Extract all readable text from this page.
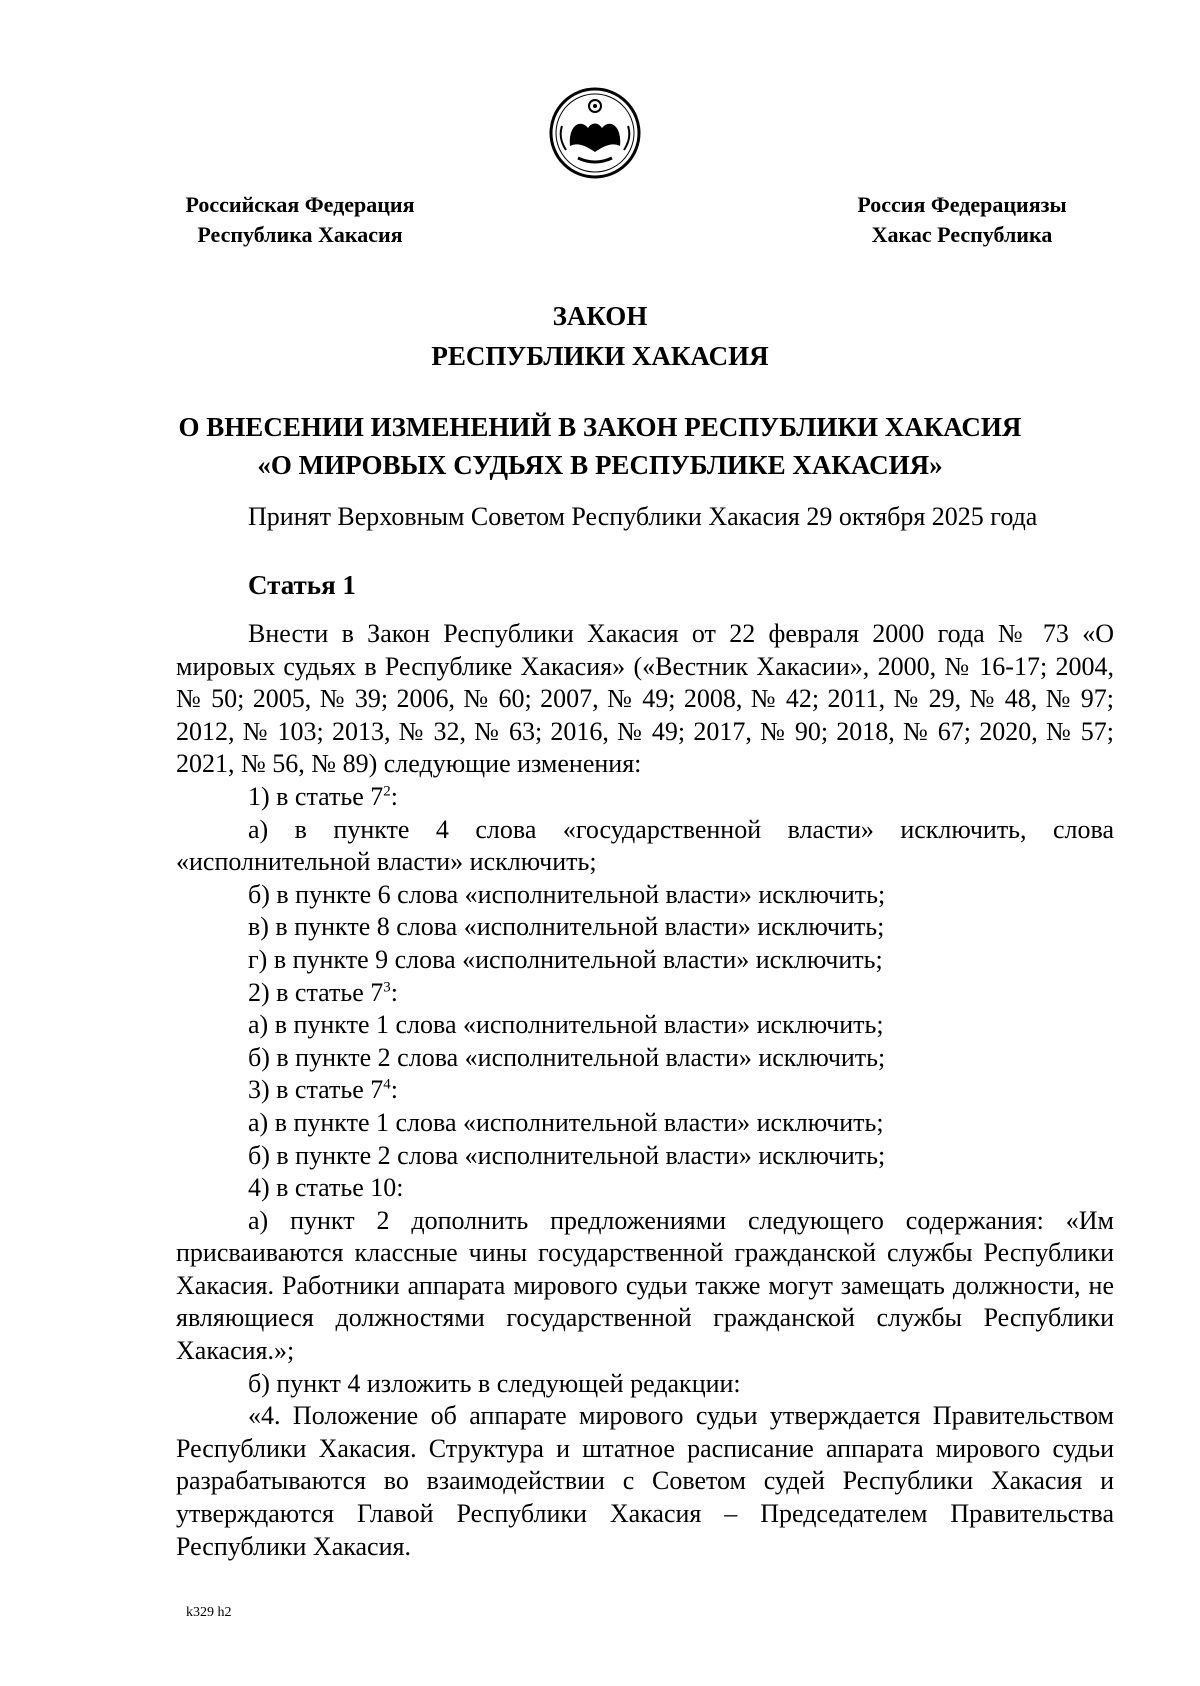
Российская Федерация
Республика Хакасия
Россия Федерациязы
Хакас Республика
ЗАКОН
РЕСПУБЛИКИ ХАКАСИЯ
О ВНЕСЕНИИ ИЗМЕНЕНИЙ В ЗАКОН РЕСПУБЛИКИ ХАКАСИЯ
«О МИРОВЫХ СУДЬЯХ В РЕСПУБЛИКЕ ХАКАСИЯ»
Принят Верховным Советом Республики Хакасия 29 октября 2025 года
Статья 1

Внести в Закон Республики Хакасия от 22 февраля 2000 года № 73 «О мировых судьях в Республике Хакасия» («Вестник Хакасии», 2000, № 16-17; 2004, № 50; 2005, № 39; 2006, № 60; 2007, № 49; 2008, № 42; 2011, № 29, № 48, № 97; 2012, № 103; 2013, № 32, № 63; 2016, № 49; 2017, № 90; 2018, № 67; 2020, № 57; 2021, № 56, № 89) следующие изменения:

1) в статье $7^2$:

а) в пункте 4 слова «государственной власти» исключить, слова «исполнительной власти» исключить;

б) в пункте 6 слова «исполнительной власти» исключить;

в) в пункте 8 слова «исполнительной власти» исключить;

г) в пункте 9 слова «исполнительной власти» исключить;

2) в статье $7^3$:

а) в пункте 1 слова «исполнительной власти» исключить;

б) в пункте 2 слова «исполнительной власти» исключить;

3) в статье $7^4$:

а) в пункте 1 слова «исполнительной власти» исключить;

б) в пункте 2 слова «исполнительной власти» исключить;

4) в статье 10:

а) пункт 2 дополнить предложениями следующего содержания: «Им присваиваются классные чины государственной гражданской службы Республики Хакасия. Работники аппарата мирового судьи также могут замещать должности, не являющиеся должностями государственной гражданской службы Республики Хакасия.»;

б) пункт 4 изложить в следующей редакции:

«4. Положение об аппарате мирового судьи утверждается Правительством Республики Хакасия. Структура и штатное расписание аппарата мирового судьи разрабатываются во взаимодействии с Советом судей Республики Хакасия и утверждаются Главой Республики Хакасия – Председателем Правительства Республики Хакасия.

k329 h2
